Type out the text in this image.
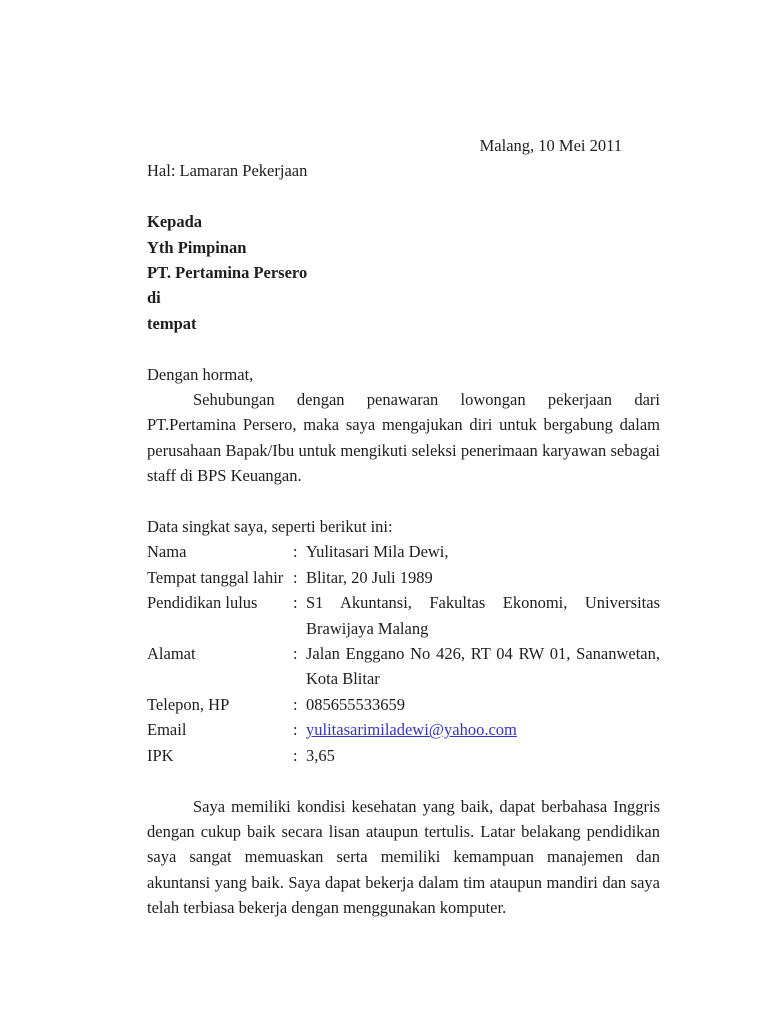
Malang, 10 Mei 2011
Hal: Lamaran Pekerjaan
Kepada
Yth Pimpinan
PT. Pertamina Persero
di
tempat
Dengan hormat,
Sehubungan dengan penawaran lowongan pekerjaan dari PT.Pertamina Persero, maka saya mengajukan diri untuk bergabung dalam perusahaan Bapak/Ibu untuk mengikuti seleksi penerimaan karyawan sebagai staff di BPS Keuangan.
Data singkat saya, seperti berikut ini:
Nama	: Yulitasari Mila Dewi,
Tempat tanggal lahir : Blitar, 20 Juli 1989
Pendidikan lulus	: S1 Akuntansi, Fakultas Ekonomi, Universitas Brawijaya Malang
Alamat	: Jalan Enggano No 426, RT 04 RW 01, Sananwetan, Kota Blitar
Telepon, HP	: 085655533659
Email	: yulitasarimiladewi@yahoo.com
IPK	: 3,65
Saya memiliki kondisi kesehatan yang baik, dapat berbahasa Inggris dengan cukup baik secara lisan ataupun tertulis. Latar belakang pendidikan saya sangat memuaskan serta memiliki kemampuan manajemen dan akuntansi yang baik. Saya dapat bekerja dalam tim ataupun mandiri dan saya telah terbiasa bekerja dengan menggunakan komputer.
